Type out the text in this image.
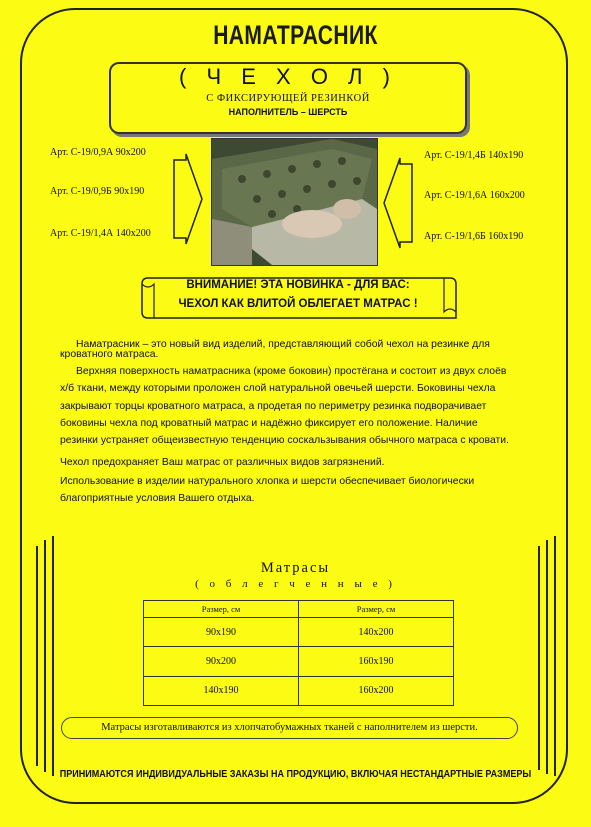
НАМАТРАСНИК
( Ч Е Х О Л )
С ФИКСИРУЮЩЕЙ РЕЗИНКОЙ
НАПОЛНИТЕЛЬ – ШЕРСТЬ
Арт. С-19/0,9А 90х200
Арт. С-19/0,9Б 90х190
Арт. С-19/1,4А 140х200
Арт. С-19/1,4Б 140х190
Арт. С-19/1,6А 160х200
Арт. С-19/1,6Б 160х190
ВНИМАНИЕ! ЭТА НОВИНКА - ДЛЯ ВАС:
ЧЕХОЛ КАК ВЛИТОЙ ОБЛЕГАЕТ МАТРАС !
Наматрасник – это новый вид изделий, представляющий собой чехол на резинке для
кроватного матраса.
Верхняя поверхность наматрасника (кроме боковин) простёгана и состоит из двух слоёв
х/б ткани, между которыми проложен слой натуральной овечьей шерсти. Боковины чехла
закрывают торцы кроватного матраса, а продетая по периметру резинка подворачивает
боковины чехла под кроватный матрас и надёжно фиксирует его положение. Наличие
резинки устраняет общеизвестную тенденцию соскальзывания обычного матраса с кровати.
Чехол предохраняет Ваш матрас от различных видов загрязнений.
Использование в изделии натурального хлопка и шерсти обеспечивает биологически
благоприятные условия Вашего отдыха.
Матрасы
( о б л е г ч е н н ы е )
Размер, см	Размер, см
90х190	140х200
90х200	160х190
140х190	160х200
Матрасы изготавливаются из хлопчатобумажных тканей с наполнителем из шерсти.
ПРИНИМАЮТСЯ ИНДИВИДУАЛЬНЫЕ ЗАКАЗЫ НА ПРОДУКЦИЮ, ВКЛЮЧАЯ НЕСТАНДАРТНЫЕ РАЗМЕРЫ
